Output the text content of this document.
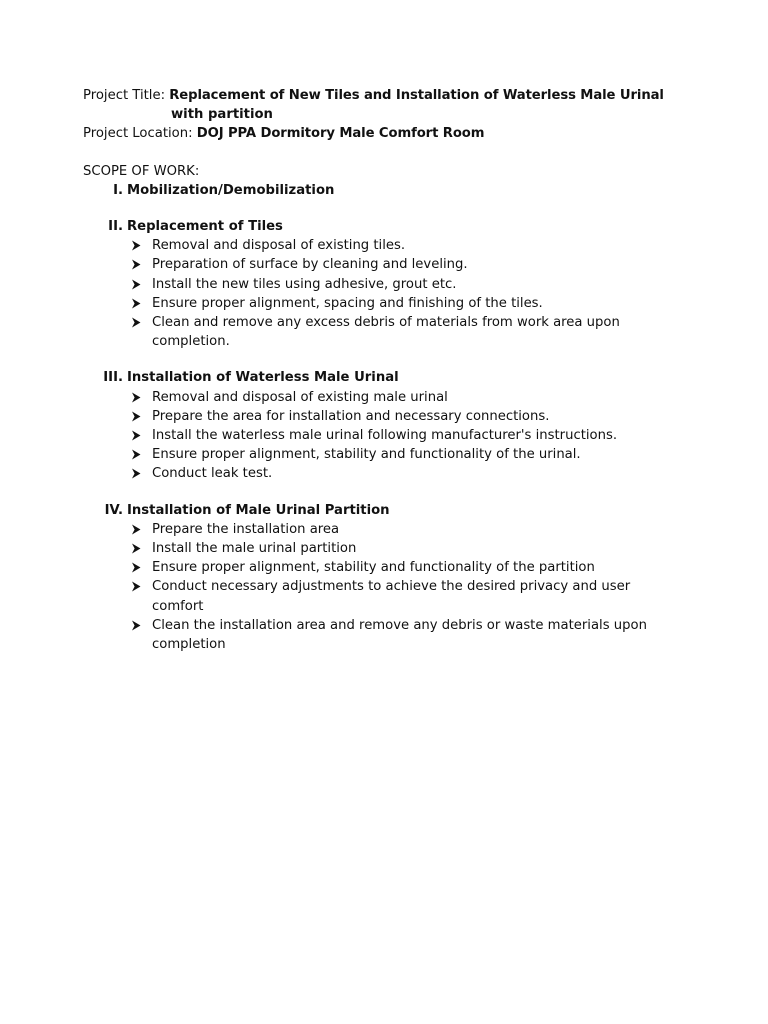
Project Title: Replacement of New Tiles and Installation of Waterless Male Urinal
with partition
Project Location: DOJ PPA Dormitory Male Comfort Room
SCOPE OF WORK:
I. Mobilization/Demobilization
II. Replacement of Tiles
Removal and disposal of existing tiles.
Preparation of surface by cleaning and leveling.
Install the new tiles using adhesive, grout etc.
Ensure proper alignment, spacing and finishing of the tiles.
Clean and remove any excess debris of materials from work area upon completion.
III. Installation of Waterless Male Urinal
Removal and disposal of existing male urinal
Prepare the area for installation and necessary connections.
Install the waterless male urinal following manufacturer's instructions.
Ensure proper alignment, stability and functionality of the urinal.
Conduct leak test.
IV. Installation of Male Urinal Partition
Prepare the installation area
Install the male urinal partition
Ensure proper alignment, stability and functionality of the partition
Conduct necessary adjustments to achieve the desired privacy and user comfort
Clean the installation area and remove any debris or waste materials upon completion
